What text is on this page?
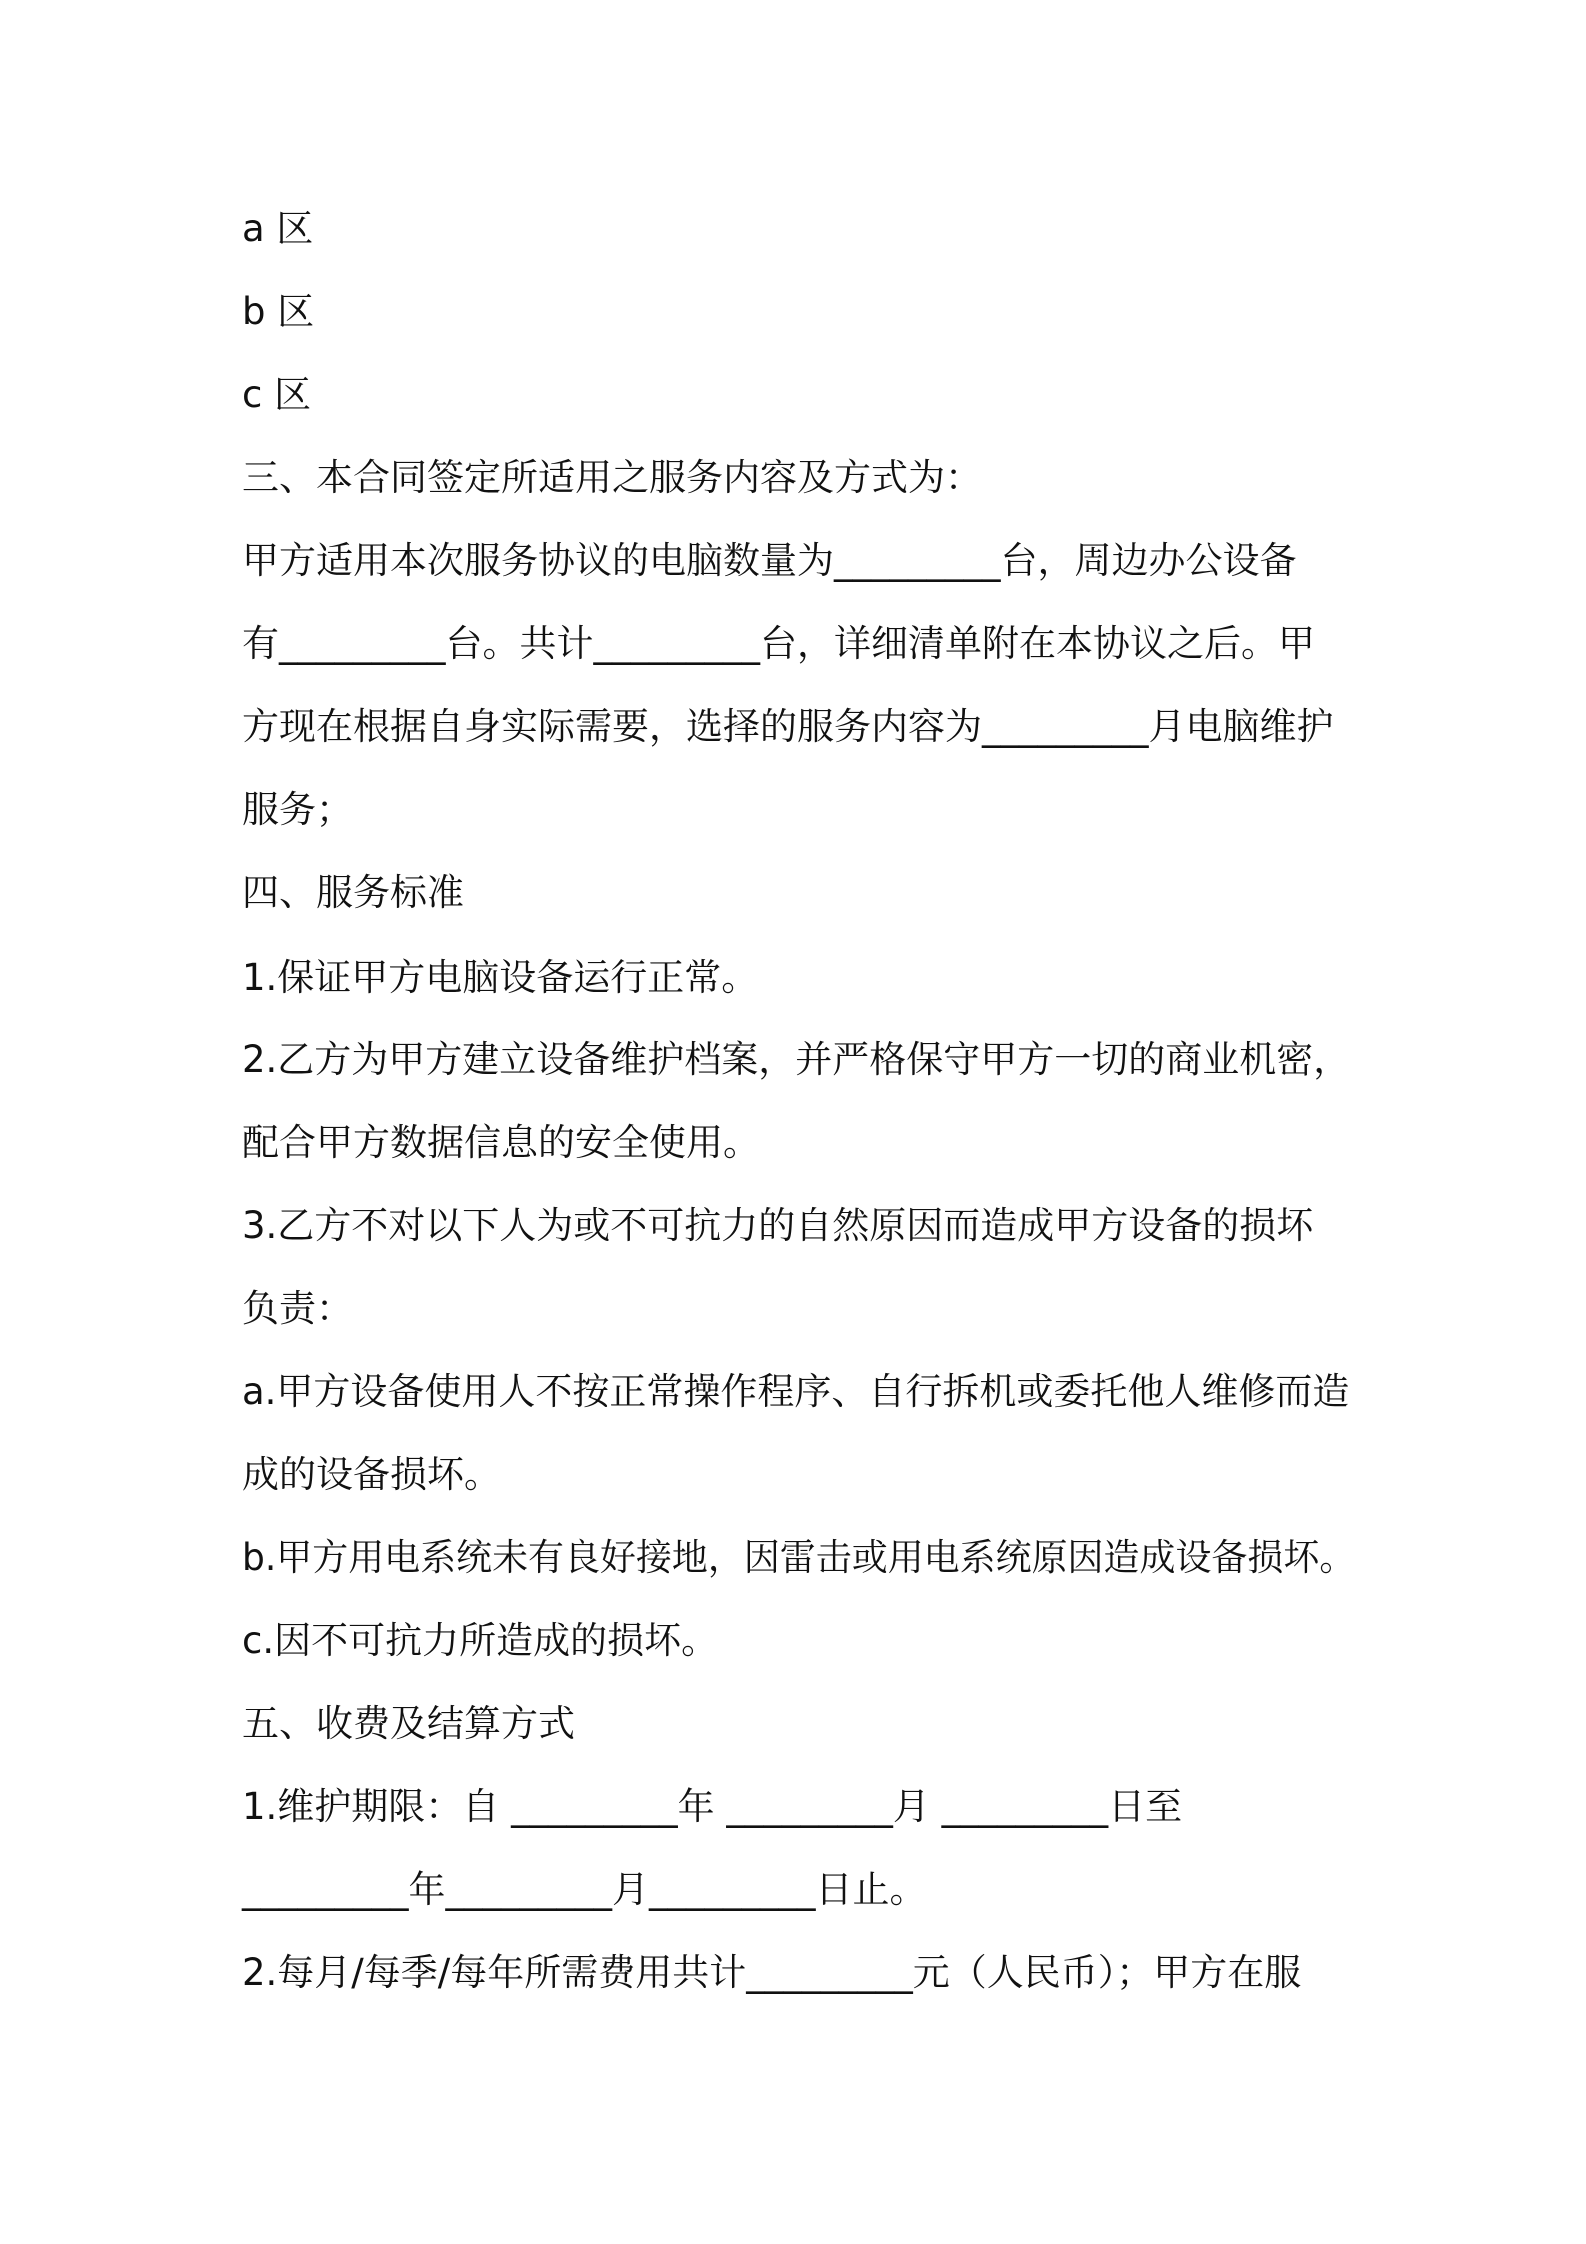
a 区

b 区

c 区

三、本合同签定所适用之服务内容及方式为：

甲方适用本次服务协议的电脑数量为_________台，周边办公设备

有_________台。共计_________台，详细清单附在本协议之后。甲

方现在根据自身实际需要，选择的服务内容为_________月电脑维护

服务；

四、服务标准

1.保证甲方电脑设备运行正常。

2.乙方为甲方建立设备维护档案，并严格保守甲方一切的商业机密，

配合甲方数据信息的安全使用。

3.乙方不对以下人为或不可抗力的自然原因而造成甲方设备的损坏

负责：

a.甲方设备使用人不按正常操作程序、自行拆机或委托他人维修而造

成的设备损坏。

b.甲方用电系统未有良好接地，因雷击或用电系统原因造成设备损坏。

c.因不可抗力所造成的损坏。

五、收费及结算方式

1.维护期限：自 _________年 _________月 _________日至

_________年_________月_________日止。

2.每月/每季/每年所需费用共计_________元（人民币）；甲方在服
